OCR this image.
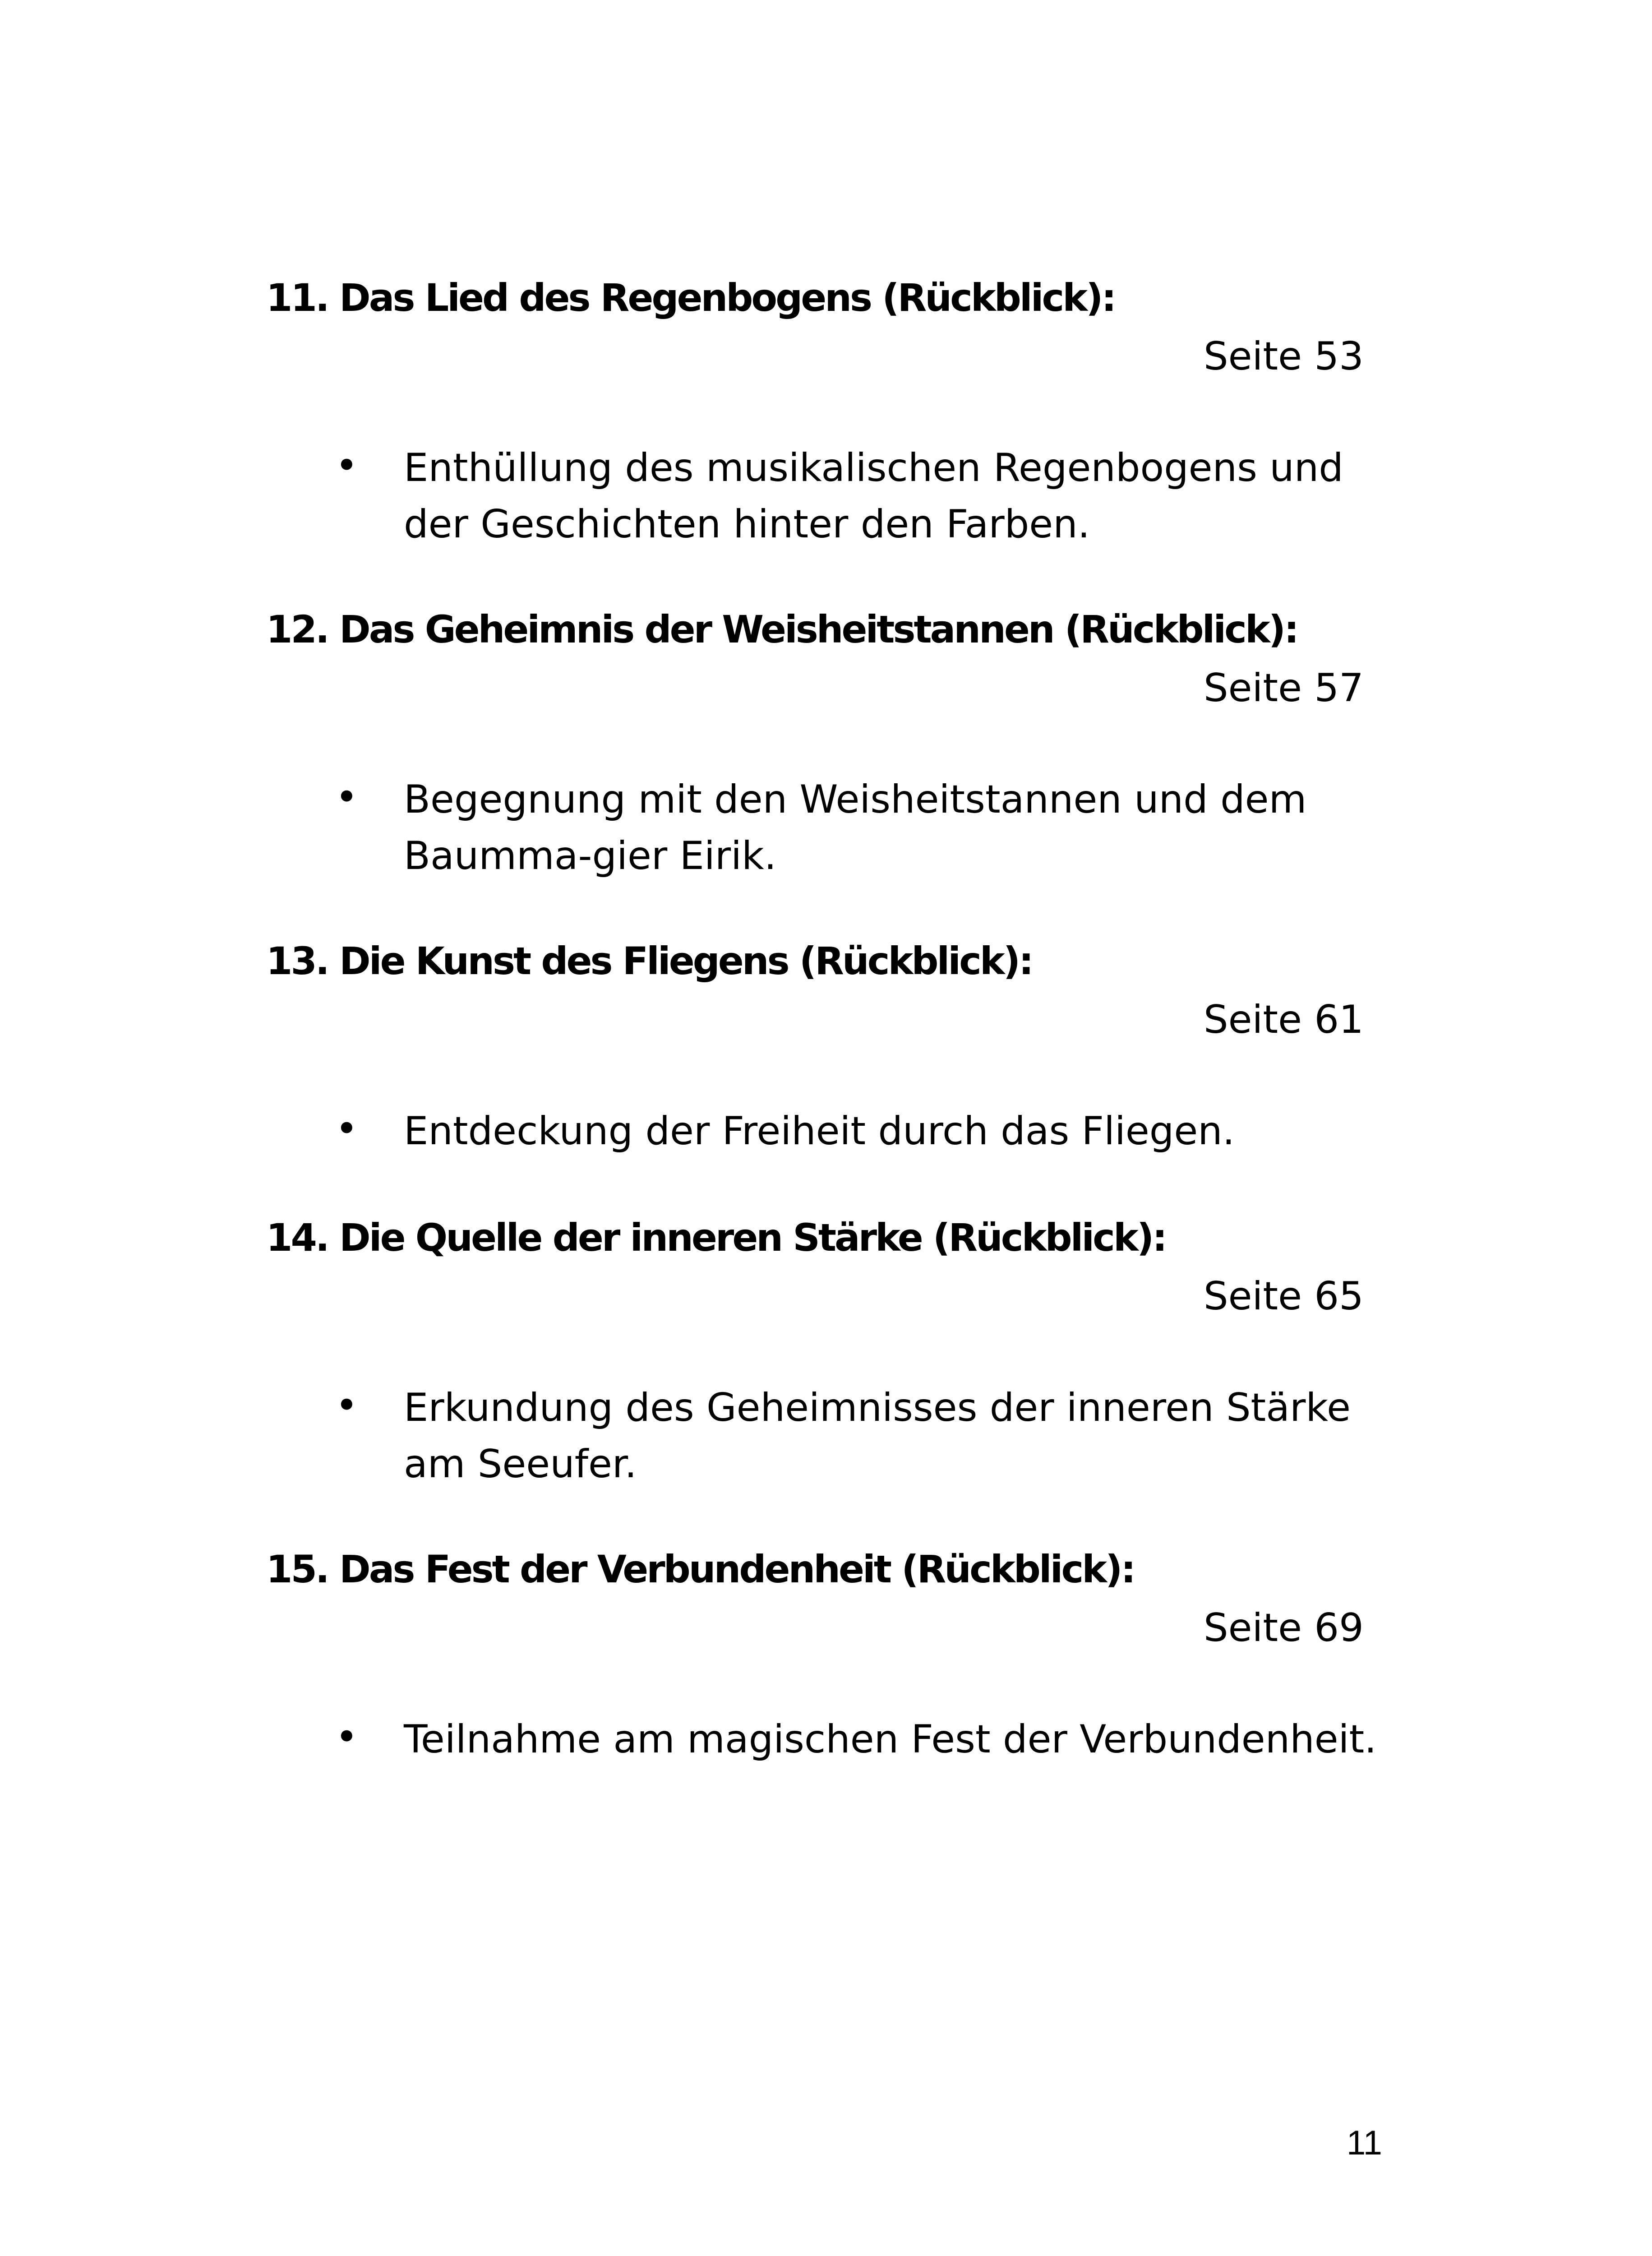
11. Das Lied des Regenbogens (Rückblick):
Seite 53
• Enthüllung des musikalischen Regenbogens und der Geschichten hinter den Farben.
12. Das Geheimnis der Weisheitstannen (Rückblick):
Seite 57
• Begegnung mit den Weisheitstannen und dem Baumma-gier Eirik.
13. Die Kunst des Fliegens (Rückblick):
Seite 61
• Entdeckung der Freiheit durch das Fliegen.
14. Die Quelle der inneren Stärke (Rückblick):
Seite 65
• Erkundung des Geheimnisses der inneren Stärke am Seeufer.
15. Das Fest der Verbundenheit (Rückblick):
Seite 69
• Teilnahme am magischen Fest der Verbundenheit.
11
